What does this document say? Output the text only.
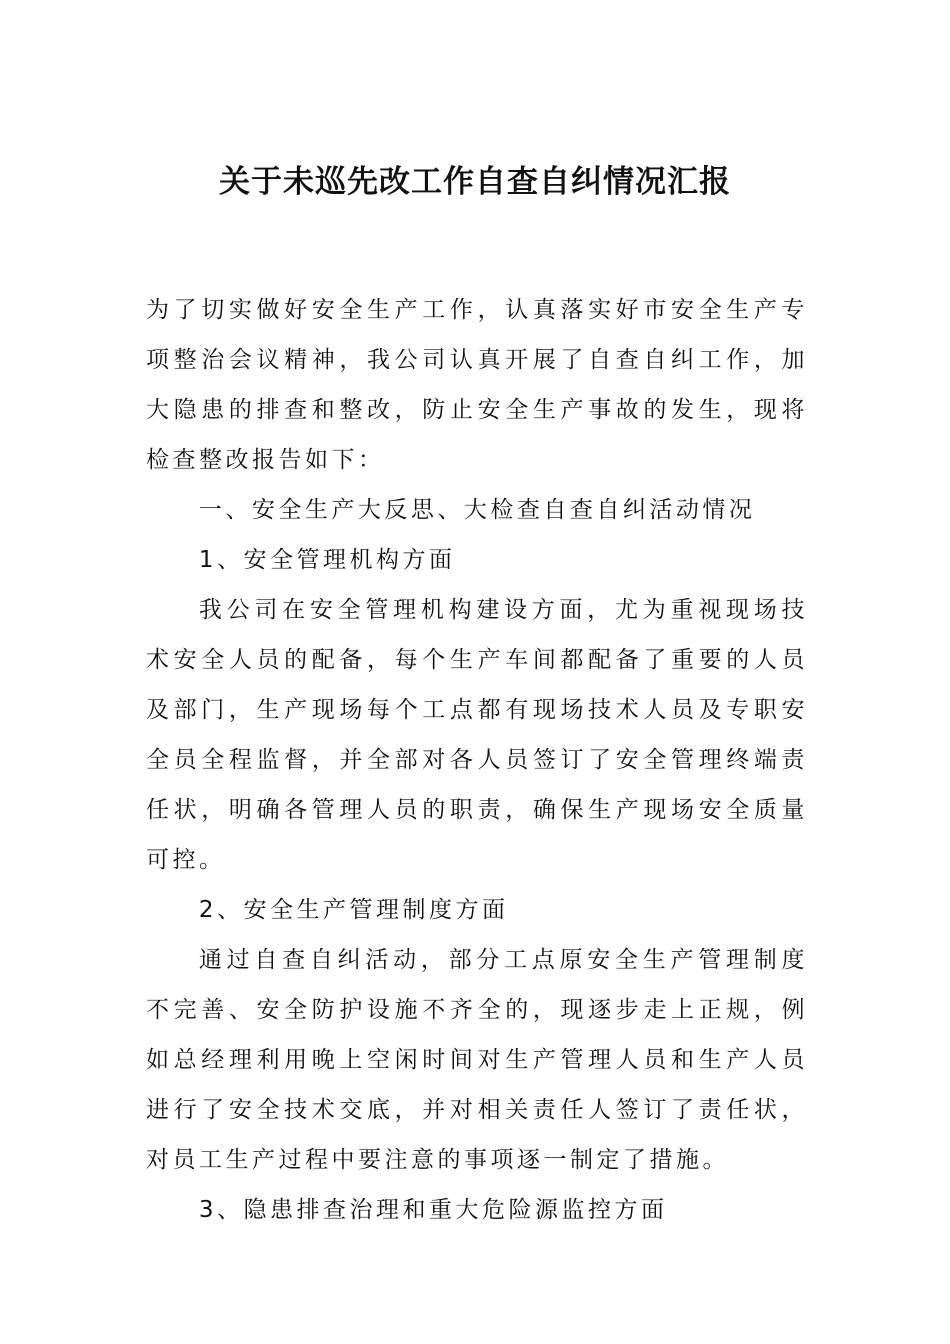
关于未巡先改工作自查自纠情况汇报

为了切实做好安全生产工作，认真落实好市安全生产专项整治会议精神，我公司认真开展了自查自纠工作，加大隐患的排查和整改，防止安全生产事故的发生，现将检查整改报告如下：

一、安全生产大反思、大检查自查自纠活动情况

1、安全管理机构方面

我公司在安全管理机构建设方面，尤为重视现场技术安全人员的配备，每个生产车间都配备了重要的人员及部门，生产现场每个工点都有现场技术人员及专职安全员全程监督，并全部对各人员签订了安全管理终端责任状，明确各管理人员的职责，确保生产现场安全质量可控。

2、安全生产管理制度方面

通过自查自纠活动，部分工点原安全生产管理制度不完善、安全防护设施不齐全的，现逐步走上正规，例如总经理利用晚上空闲时间对生产管理人员和生产人员进行了安全技术交底，并对相关责任人签订了责任状，对员工生产过程中要注意的事项逐一制定了措施。

3、隐患排查治理和重大危险源监控方面
